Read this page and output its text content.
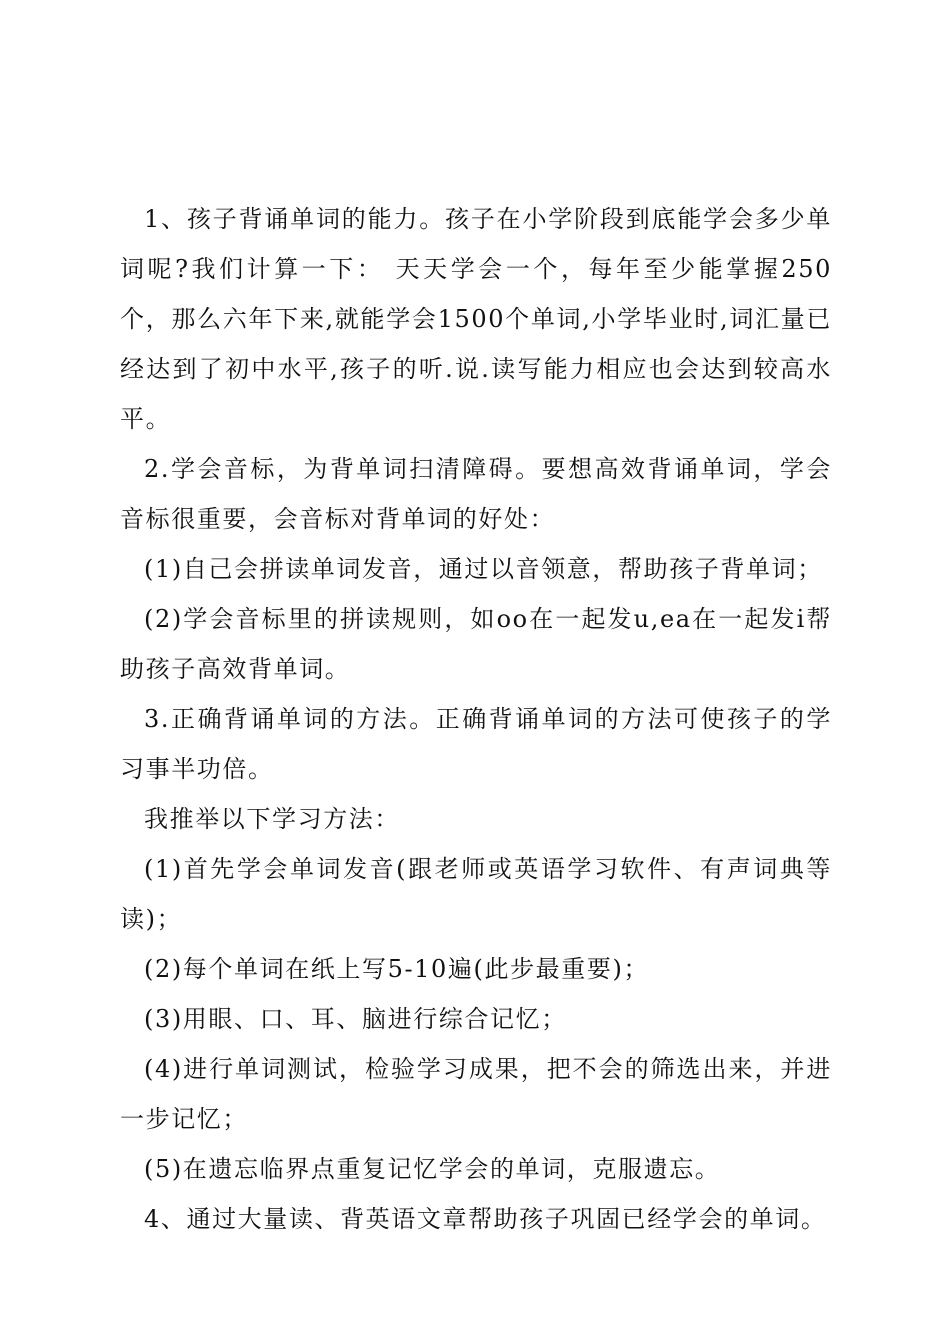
1、孩子背诵单词的能力。孩子在小学阶段到底能学会多少单词呢?我们计算一下： 天天学会一个，每年至少能掌握250个，那么六年下来,就能学会1500个单词,小学毕业时,词汇量已经达到了初中水平,孩子的听.说.读写能力相应也会达到较高水平。

2.学会音标，为背单词扫清障碍。要想高效背诵单词，学会音标很重要，会音标对背单词的好处：

(1)自己会拼读单词发音，通过以音领意，帮助孩子背单词；

(2)学会音标里的拼读规则，如oo在一起发u,ea在一起发i帮助孩子高效背单词。

3.正确背诵单词的方法。正确背诵单词的方法可使孩子的学习事半功倍。

我推举以下学习方法：

(1)首先学会单词发音(跟老师或英语学习软件、有声词典等读)；

(2)每个单词在纸上写5-10遍(此步最重要)；

(3)用眼、口、耳、脑进行综合记忆；

(4)进行单词测试，检验学习成果，把不会的筛选出来，并进一步记忆；

(5)在遗忘临界点重复记忆学会的单词，克服遗忘。

4、通过大量读、背英语文章帮助孩子巩固已经学会的单词。
